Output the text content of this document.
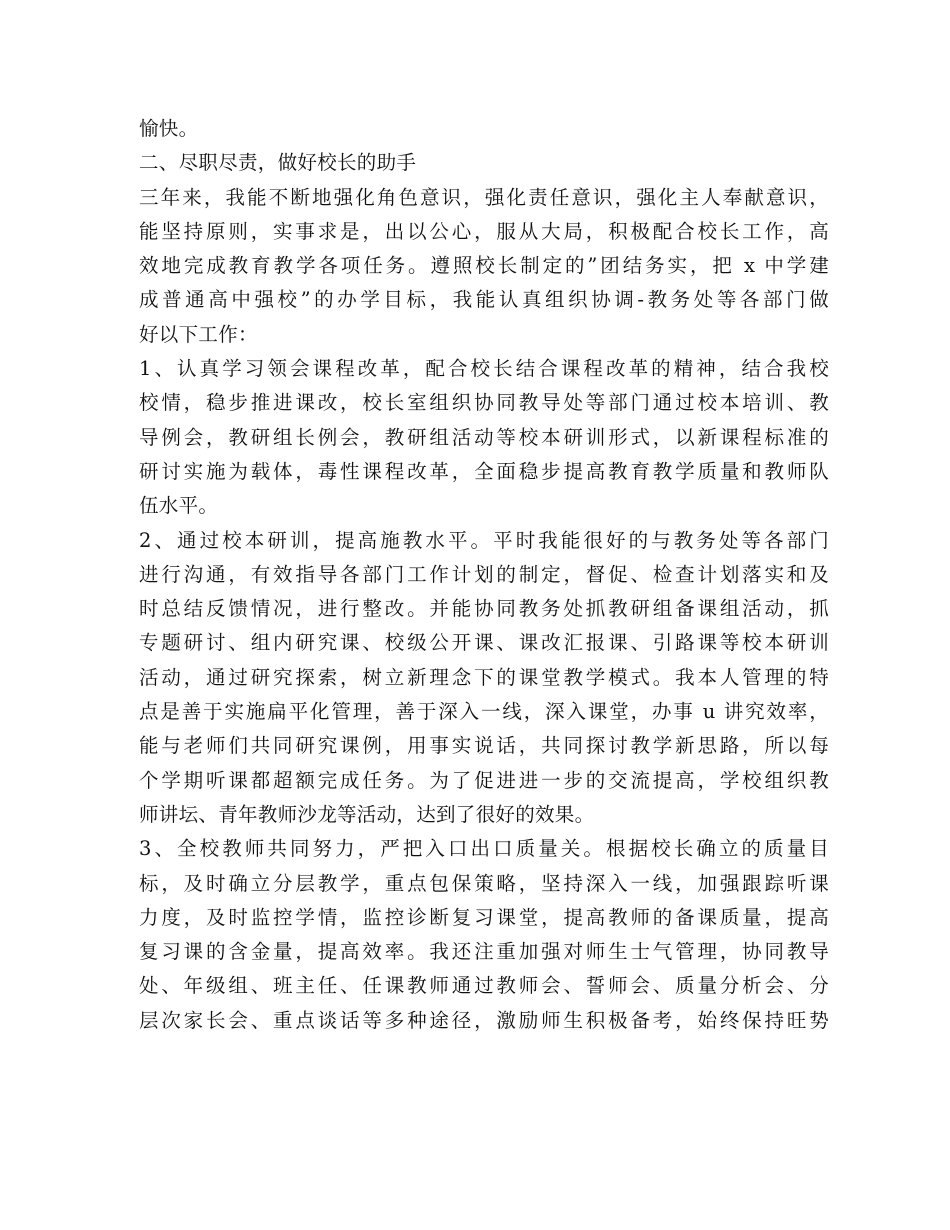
愉快。
二、尽职尽责，做好校长的助手
三年来，我能不断地强化角色意识，强化责任意识，强化主人奉献意识，
能坚持原则，实事求是，出以公心，服从大局，积极配合校长工作，高
效地完成教育教学各项任务。遵照校长制定的”团结务实，把 x 中学建
成普通高中强校”的办学目标，我能认真组织协调-教务处等各部门做
好以下工作：
1、认真学习领会课程改革，配合校长结合课程改革的精神，结合我校
校情，稳步推进课改，校长室组织协同教导处等部门通过校本培训、教
导例会，教研组长例会，教研组活动等校本研训形式，以新课程标准的
研讨实施为载体，毒性课程改革，全面稳步提高教育教学质量和教师队
伍水平。
2、通过校本研训，提高施教水平。平时我能很好的与教务处等各部门
进行沟通，有效指导各部门工作计划的制定，督促、检查计划落实和及
时总结反馈情况，进行整改。并能协同教务处抓教研组备课组活动，抓
专题研讨、组内研究课、校级公开课、课改汇报课、引路课等校本研训
活动，通过研究探索，树立新理念下的课堂教学模式。我本人管理的特
点是善于实施扁平化管理，善于深入一线，深入课堂，办事 u 讲究效率，
能与老师们共同研究课例，用事实说话，共同探讨教学新思路，所以每
个学期听课都超额完成任务。为了促进进一步的交流提高，学校组织教
师讲坛、青年教师沙龙等活动，达到了很好的效果。
3、全校教师共同努力，严把入口出口质量关。根据校长确立的质量目
标，及时确立分层教学，重点包保策略，坚持深入一线，加强跟踪听课
力度，及时监控学情，监控诊断复习课堂，提高教师的备课质量，提高
复习课的含金量，提高效率。我还注重加强对师生士气管理，协同教导
处、年级组、班主任、任课教师通过教师会、誓师会、质量分析会、分
层次家长会、重点谈话等多种途径，激励师生积极备考，始终保持旺势
